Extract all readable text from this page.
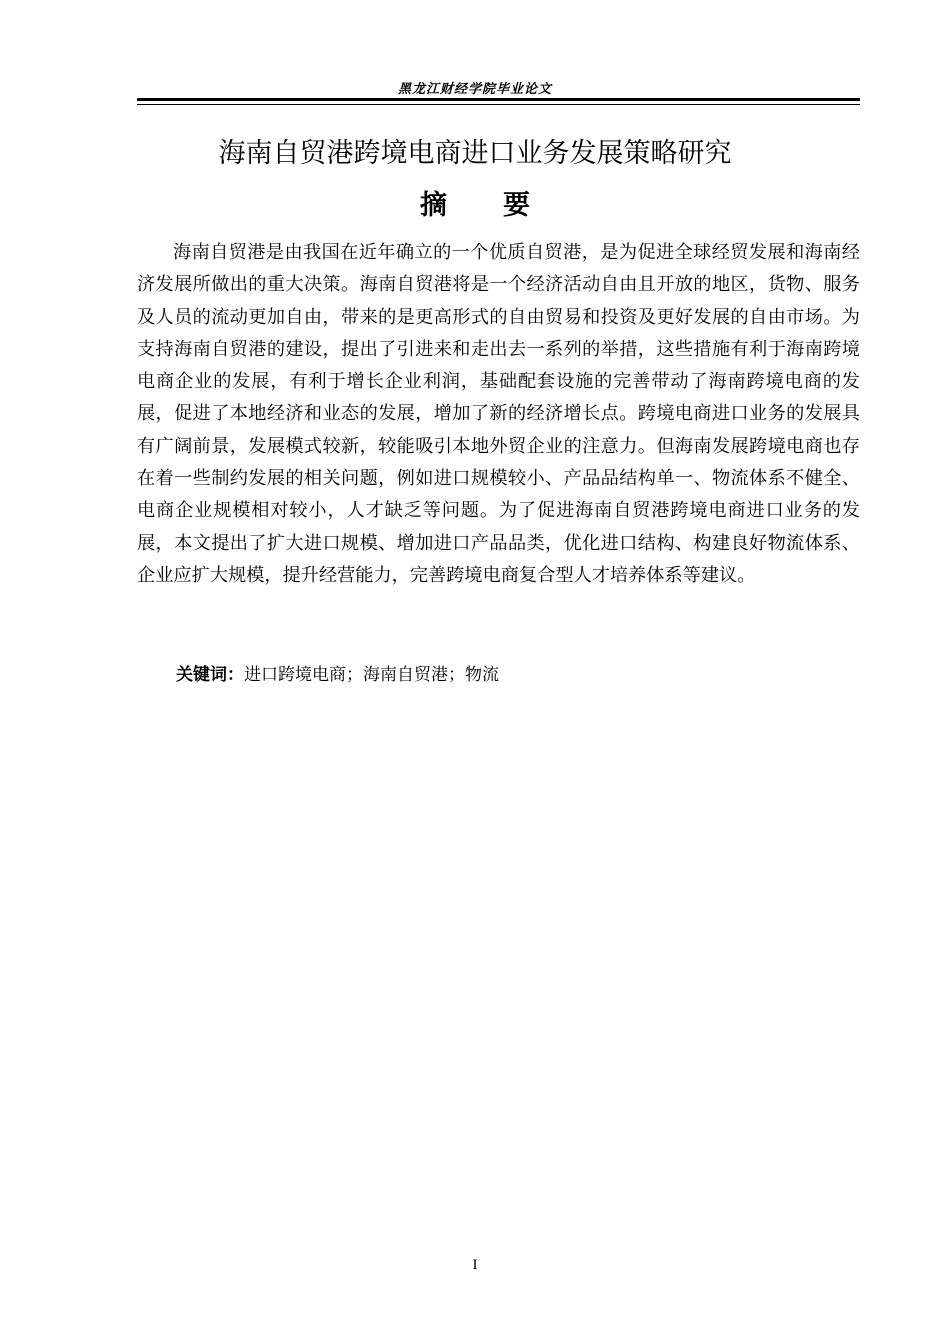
黑龙江财经学院毕业论文
海南自贸港跨境电商进口业务发展策略研究
摘要

海南自贸港是由我国在近年确立的一个优质自贸港，是为促进全球经贸发展和海南经济发展所做出的重大决策。海南自贸港将是一个经济活动自由且开放的地区，货物、服务及人员的流动更加自由，带来的是更高形式的自由贸易和投资及更好发展的自由市场。为支持海南自贸港的建设，提出了引进来和走出去一系列的举措，这些措施有利于海南跨境电商企业的发展，有利于增长企业利润，基础配套设施的完善带动了海南跨境电商的发展，促进了本地经济和业态的发展，增加了新的经济增长点。跨境电商进口业务的发展具有广阔前景，发展模式较新，较能吸引本地外贸企业的注意力。但海南发展跨境电商也存在着一些制约发展的相关问题，例如进口规模较小、产品品结构单一、物流体系不健全、电商企业规模相对较小，人才缺乏等问题。为了促进海南自贸港跨境电商进口业务的发展，本文提出了扩大进口规模、增加进口产品品类，优化进口结构、构建良好物流体系、企业应扩大规模，提升经营能力，完善跨境电商复合型人才培养体系等建议。

关键词：进口跨境电商；海南自贸港；物流
I
